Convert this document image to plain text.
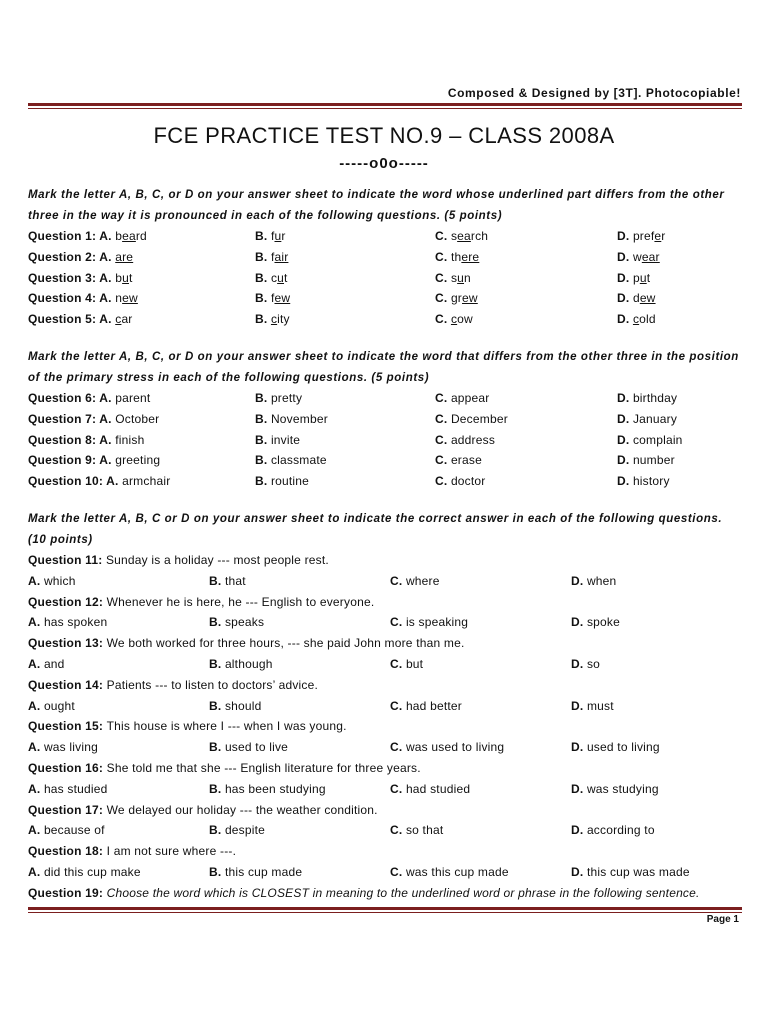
Composed & Designed by [3T]. Photocopiable!
FCE PRACTICE TEST NO.9 – CLASS 2008A
-----o0o-----
Mark the letter A, B, C, or D on your answer sheet to indicate the word whose underlined part differs from the other three in the way it is pronounced in each of the following questions. (5 points)
Question 1: A. beard	B. fur	C. search	D. prefer
Question 2: A. are	B. fair	C. there	D. wear
Question 3: A. but	B. cut	C. sun	D. put
Question 4: A. new	B. few	C. grew	D. dew
Question 5: A. car	B. city	C. cow	D. cold
Mark the letter A, B, C, or D on your answer sheet to indicate the word that differs from the other three in the position of the primary stress in each of the following questions. (5 points)
Question 6: A. parent	B. pretty	C. appear	D. birthday
Question 7: A. October	B. November	C. December	D. January
Question 8: A. finish	B. invite	C. address	D. complain
Question 9: A. greeting	B. classmate	C. erase	D. number
Question 10: A. armchair	B. routine	C. doctor	D. history
Mark the letter A, B, C or D on your answer sheet to indicate the correct answer in each of the following questions. (10 points)
Question 11: Sunday is a holiday --- most people rest.
A. which	B. that	C. where	D. when
Question 12: Whenever he is here, he --- English to everyone.
A. has spoken	B. speaks	C. is speaking	D. spoke
Question 13: We both worked for three hours, --- she paid John more than me.
A. and	B. although	C. but	D. so
Question 14: Patients --- to listen to doctors’ advice.
A. ought	B. should	C. had better	D. must
Question 15: This house is where I --- when I was young.
A. was living	B. used to live	C. was used to living	D. used to living
Question 16: She told me that she --- English literature for three years.
A. has studied	B. has been studying	C. had studied	D. was studying
Question 17: We delayed our holiday --- the weather condition.
A. because of	B. despite	C. so that	D. according to
Question 18: I am not sure where ---.
A. did this cup make	B. this cup made	C. was this cup made	D. this cup was made
Question 19: Choose the word which is CLOSEST in meaning to the underlined word or phrase in the following sentence.
Page 1
